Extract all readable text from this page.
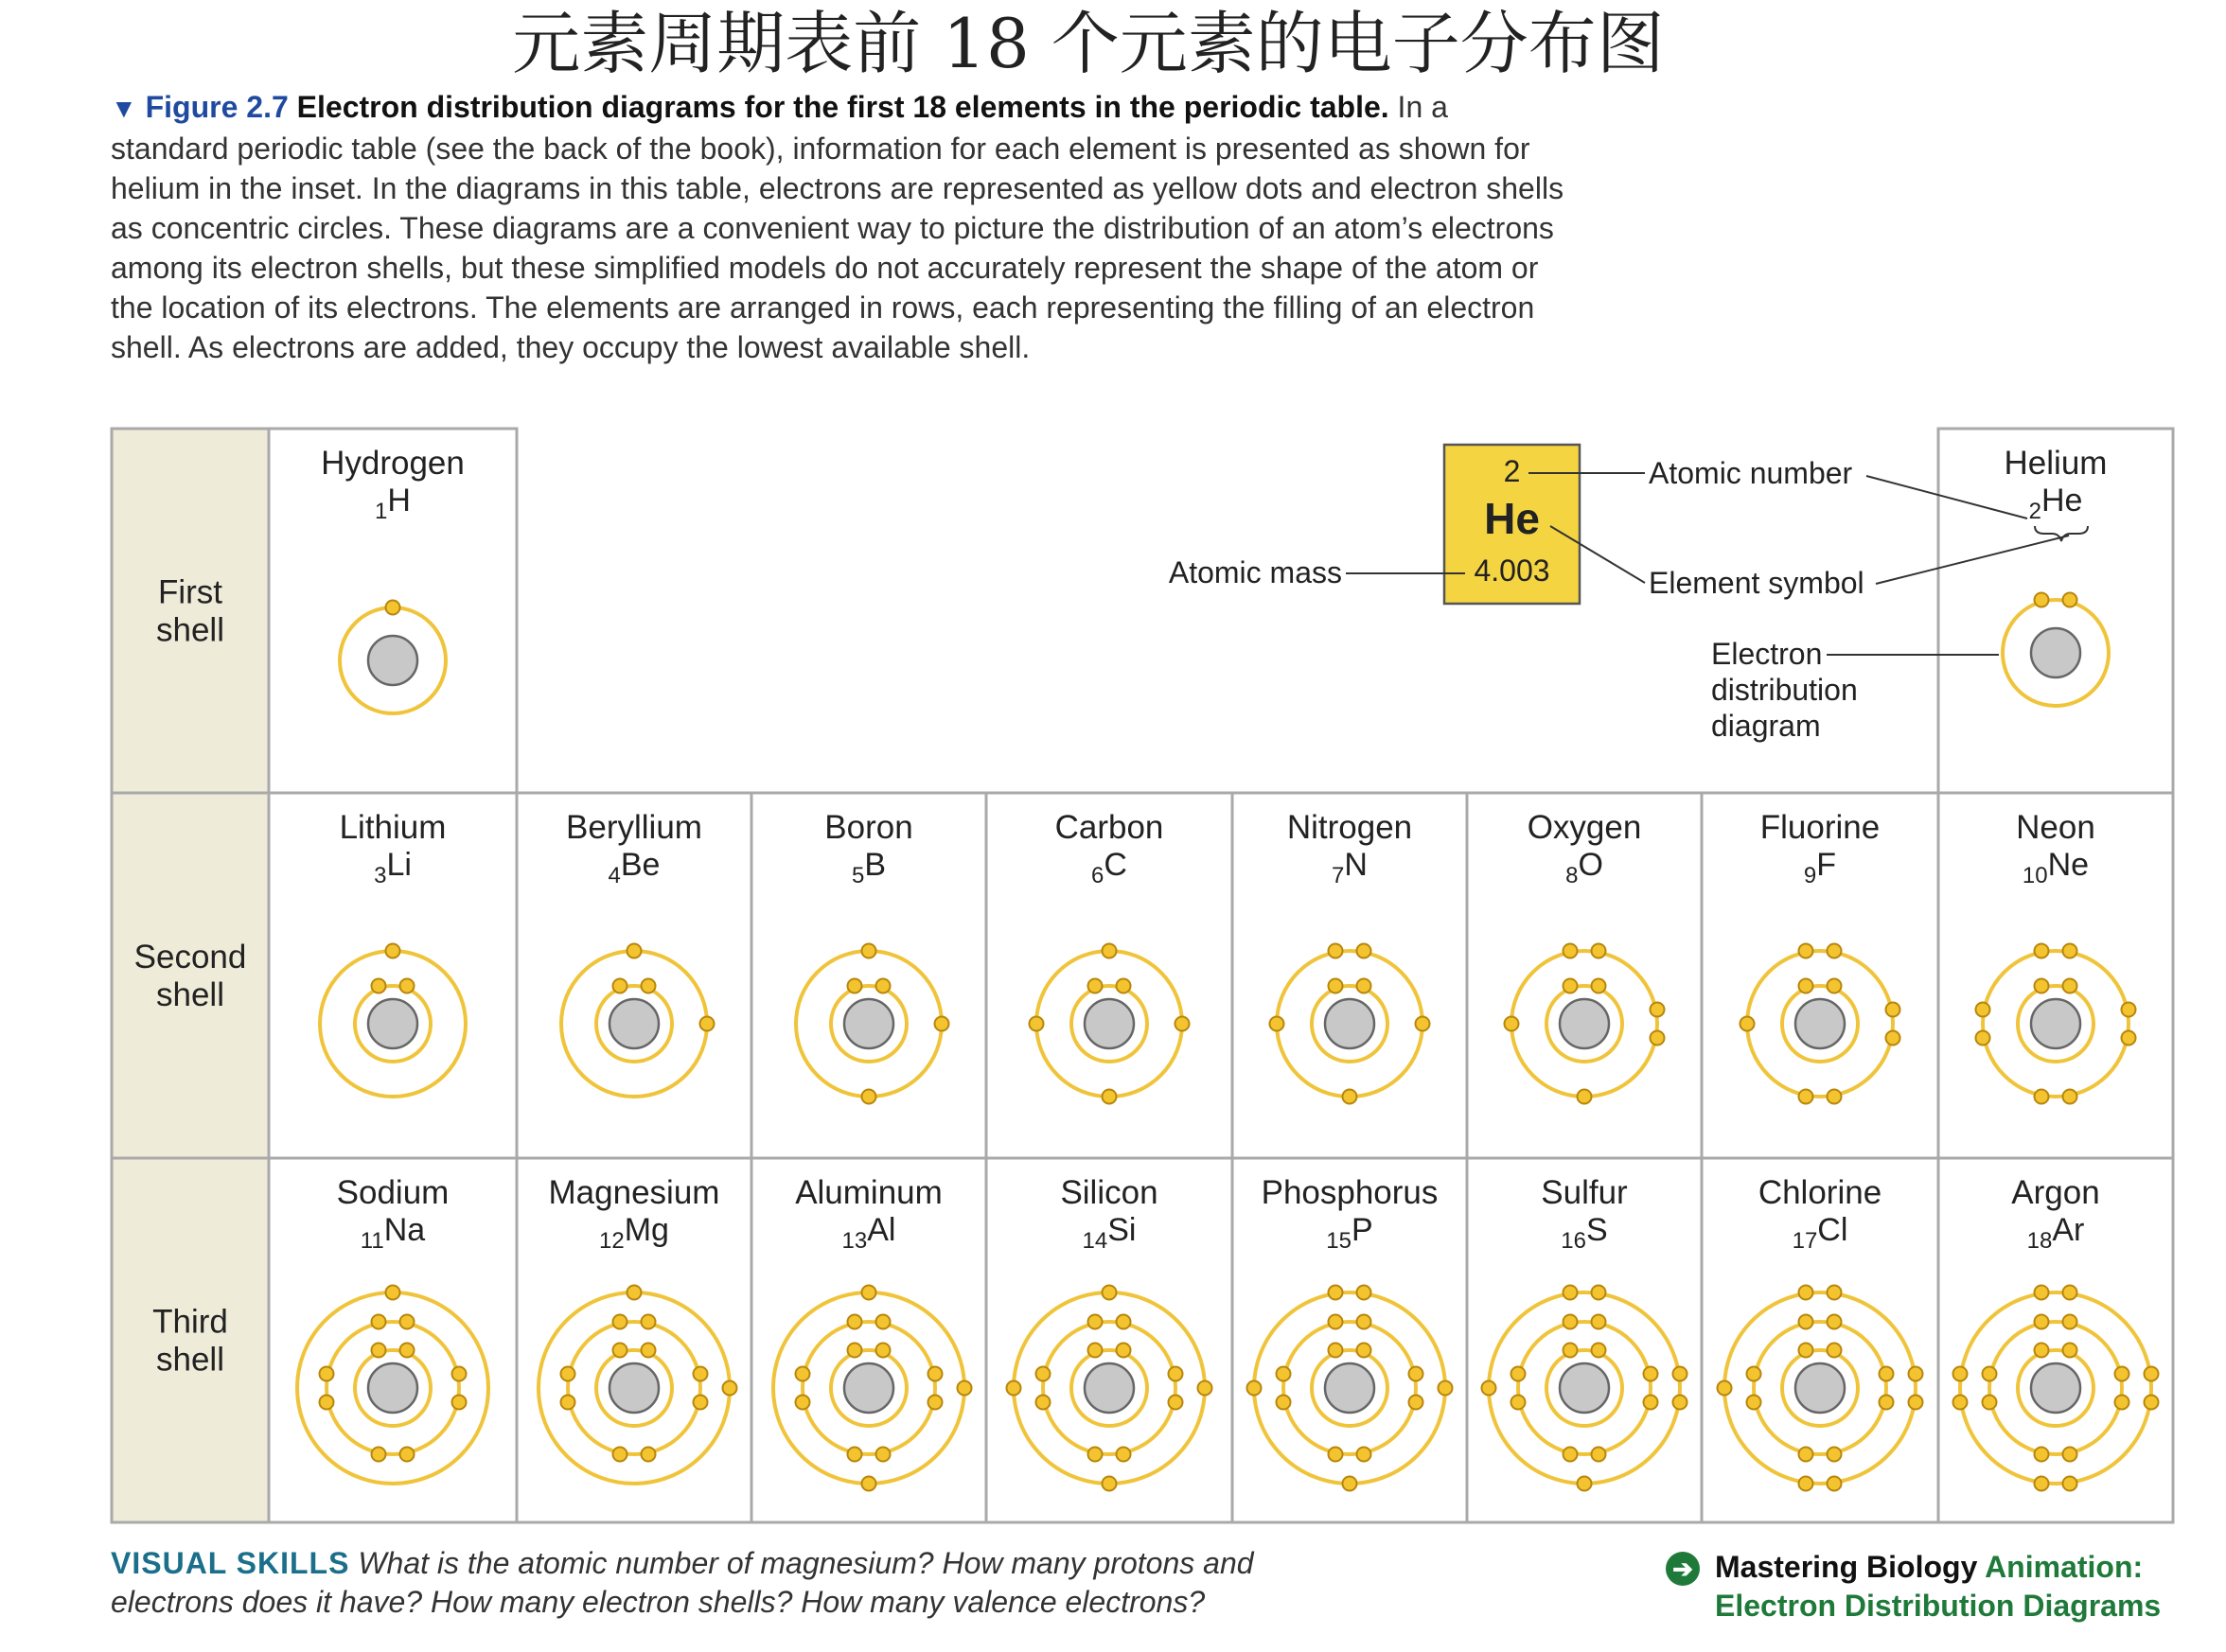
元素周期表前 18 个元素的电子分布图
▼ Figure 2.7 Electron distribution diagrams for the first 18 elements in the periodic table. In a standard periodic table (see the back of the book), information for each element is presented as shown for helium in the inset. In the diagrams in this table, electrons are represented as yellow dots and electron shells as concentric circles. These diagrams are a convenient way to picture the distribution of an atom’s electrons among its electron shells, but these simplified models do not accurately represent the shape of the atom or the location of its electrons. The elements are arranged in rows, each representing the filling of an electron shell. As electrons are added, they occupy the lowest available shell.
First
shell
Second
shell
Third
shell
Hydrogen
$_1$H
Helium
$_2$He
Lithium
$_3$Li
Beryllium
$_4$Be
Boron
$_5$B
Carbon
$_6$C
Nitrogen
$_7$N
Oxygen
$_8$O
Fluorine
$_9$F
Neon
$_{10}$Ne
Sodium
$_{11}$Na
Magnesium
$_{12}$Mg
Aluminum
$_{13}$Al
Silicon
$_{14}$Si
Phosphorus
$_{15}$P
Sulfur
$_{16}$S
Chlorine
$_{17}$Cl
Argon
$_{18}$Ar
2
He
4.003
Atomic number
Atomic mass	Element symbol
Electron
distribution
diagram
VISUAL SKILLS What is the atomic number of magnesium? How many protons and electrons does it have? How many electron shells? How many valence electrons?
➔ Mastering Biology Animation:
Electron Distribution Diagrams
